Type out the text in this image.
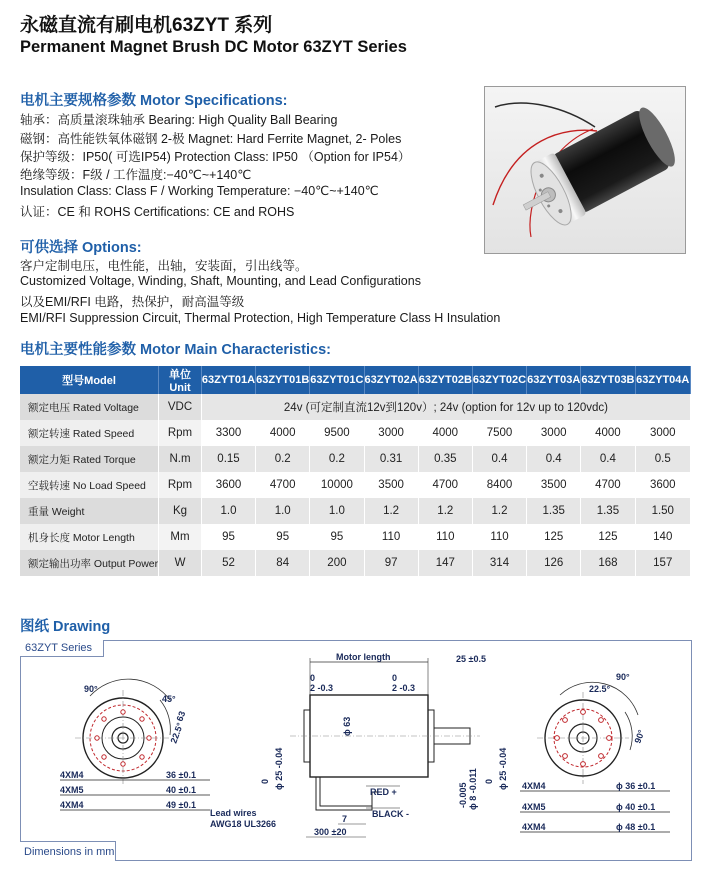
永磁直流有刷电机63ZYT 系列
Permanent Magnet Brush DC Motor 63ZYT Series
电机主要规格参数 Motor Specifications:
轴承：高质量滚珠轴承 Bearing: High Quality Ball Bearing
磁钢：高性能铁氧体磁钢 2-极 Magnet: Hard Ferrite Magnet, 2- Poles
保护等级：IP50( 可选IP54) Protection Class: IP50 （Option for IP54）
绝缘等级：F级 / 工作温度:−40℃~+140℃
Insulation Class: Class F / Working Temperature: −40℃~+140℃
认证：CE 和 ROHS Certifications: CE and ROHS
可供选择 Options:
客户定制电压，电性能，出轴，安装面，引出线等。
Customized Voltage, Winding, Shaft, Mounting, and Lead Configurations
以及EMI/RFI 电路，热保护，耐高温等级
EMI/RFI Suppression Circuit, Thermal Protection, High Temperature Class H Insulation
电机主要性能参数 Motor Main Characteristics:
型号Model	单位Unit	63ZYT01A	63ZYT01B	63ZYT01C	63ZYT02A	63ZYT02B	63ZYT02C	63ZYT03A	63ZYT03B	63ZYT04A
额定电压 Rated Voltage	VDC	24v (可定制直流12v到120v）; 24v (option for 12v up to 120vdc)								
额定转速 Rated Speed	Rpm	3300	4000	9500	3000	4000	7500	3000	4000	3000
额定力矩 Rated Torque	N.m	0.15	0.2	0.2	0.31	0.35	0.4	0.4	0.4	0.5
空载转速 No Load Speed	Rpm	3600	4700	10000	3500	4700	8400	3500	4700	3600
重量 Weight	Kg	1.0	1.0	1.0	1.2	1.2	1.2	1.35	1.35	1.50
机身长度 Motor Length	Mm	95	95	95	110	110	110	125	125	140
额定输出功率 Output Power	W	52	84	200	97	147	314	126	168	157
图纸 Drawing
90°
45°
63
22.5°
4XM4	36 ±0.1
4XM5	40 ±0.1
4XM4	49 ±0.1
Motor length	25 ±0.5
0
2 -0.3
0
2 -0.3
ϕ 63
0 ϕ 25 -0.04
-0.005 ϕ 8 -0.011 0 ϕ 25 -0.04
RED +
BLACK -
Lead wires
AWG18 UL3266	7
300 ±20
90°
22.5°
90°
4XM4	ϕ 36 ±0.1
4XM5	ϕ 40 ±0.1
4XM4	ϕ 48 ±0.1
63ZYT Series
Dimensions in mm
